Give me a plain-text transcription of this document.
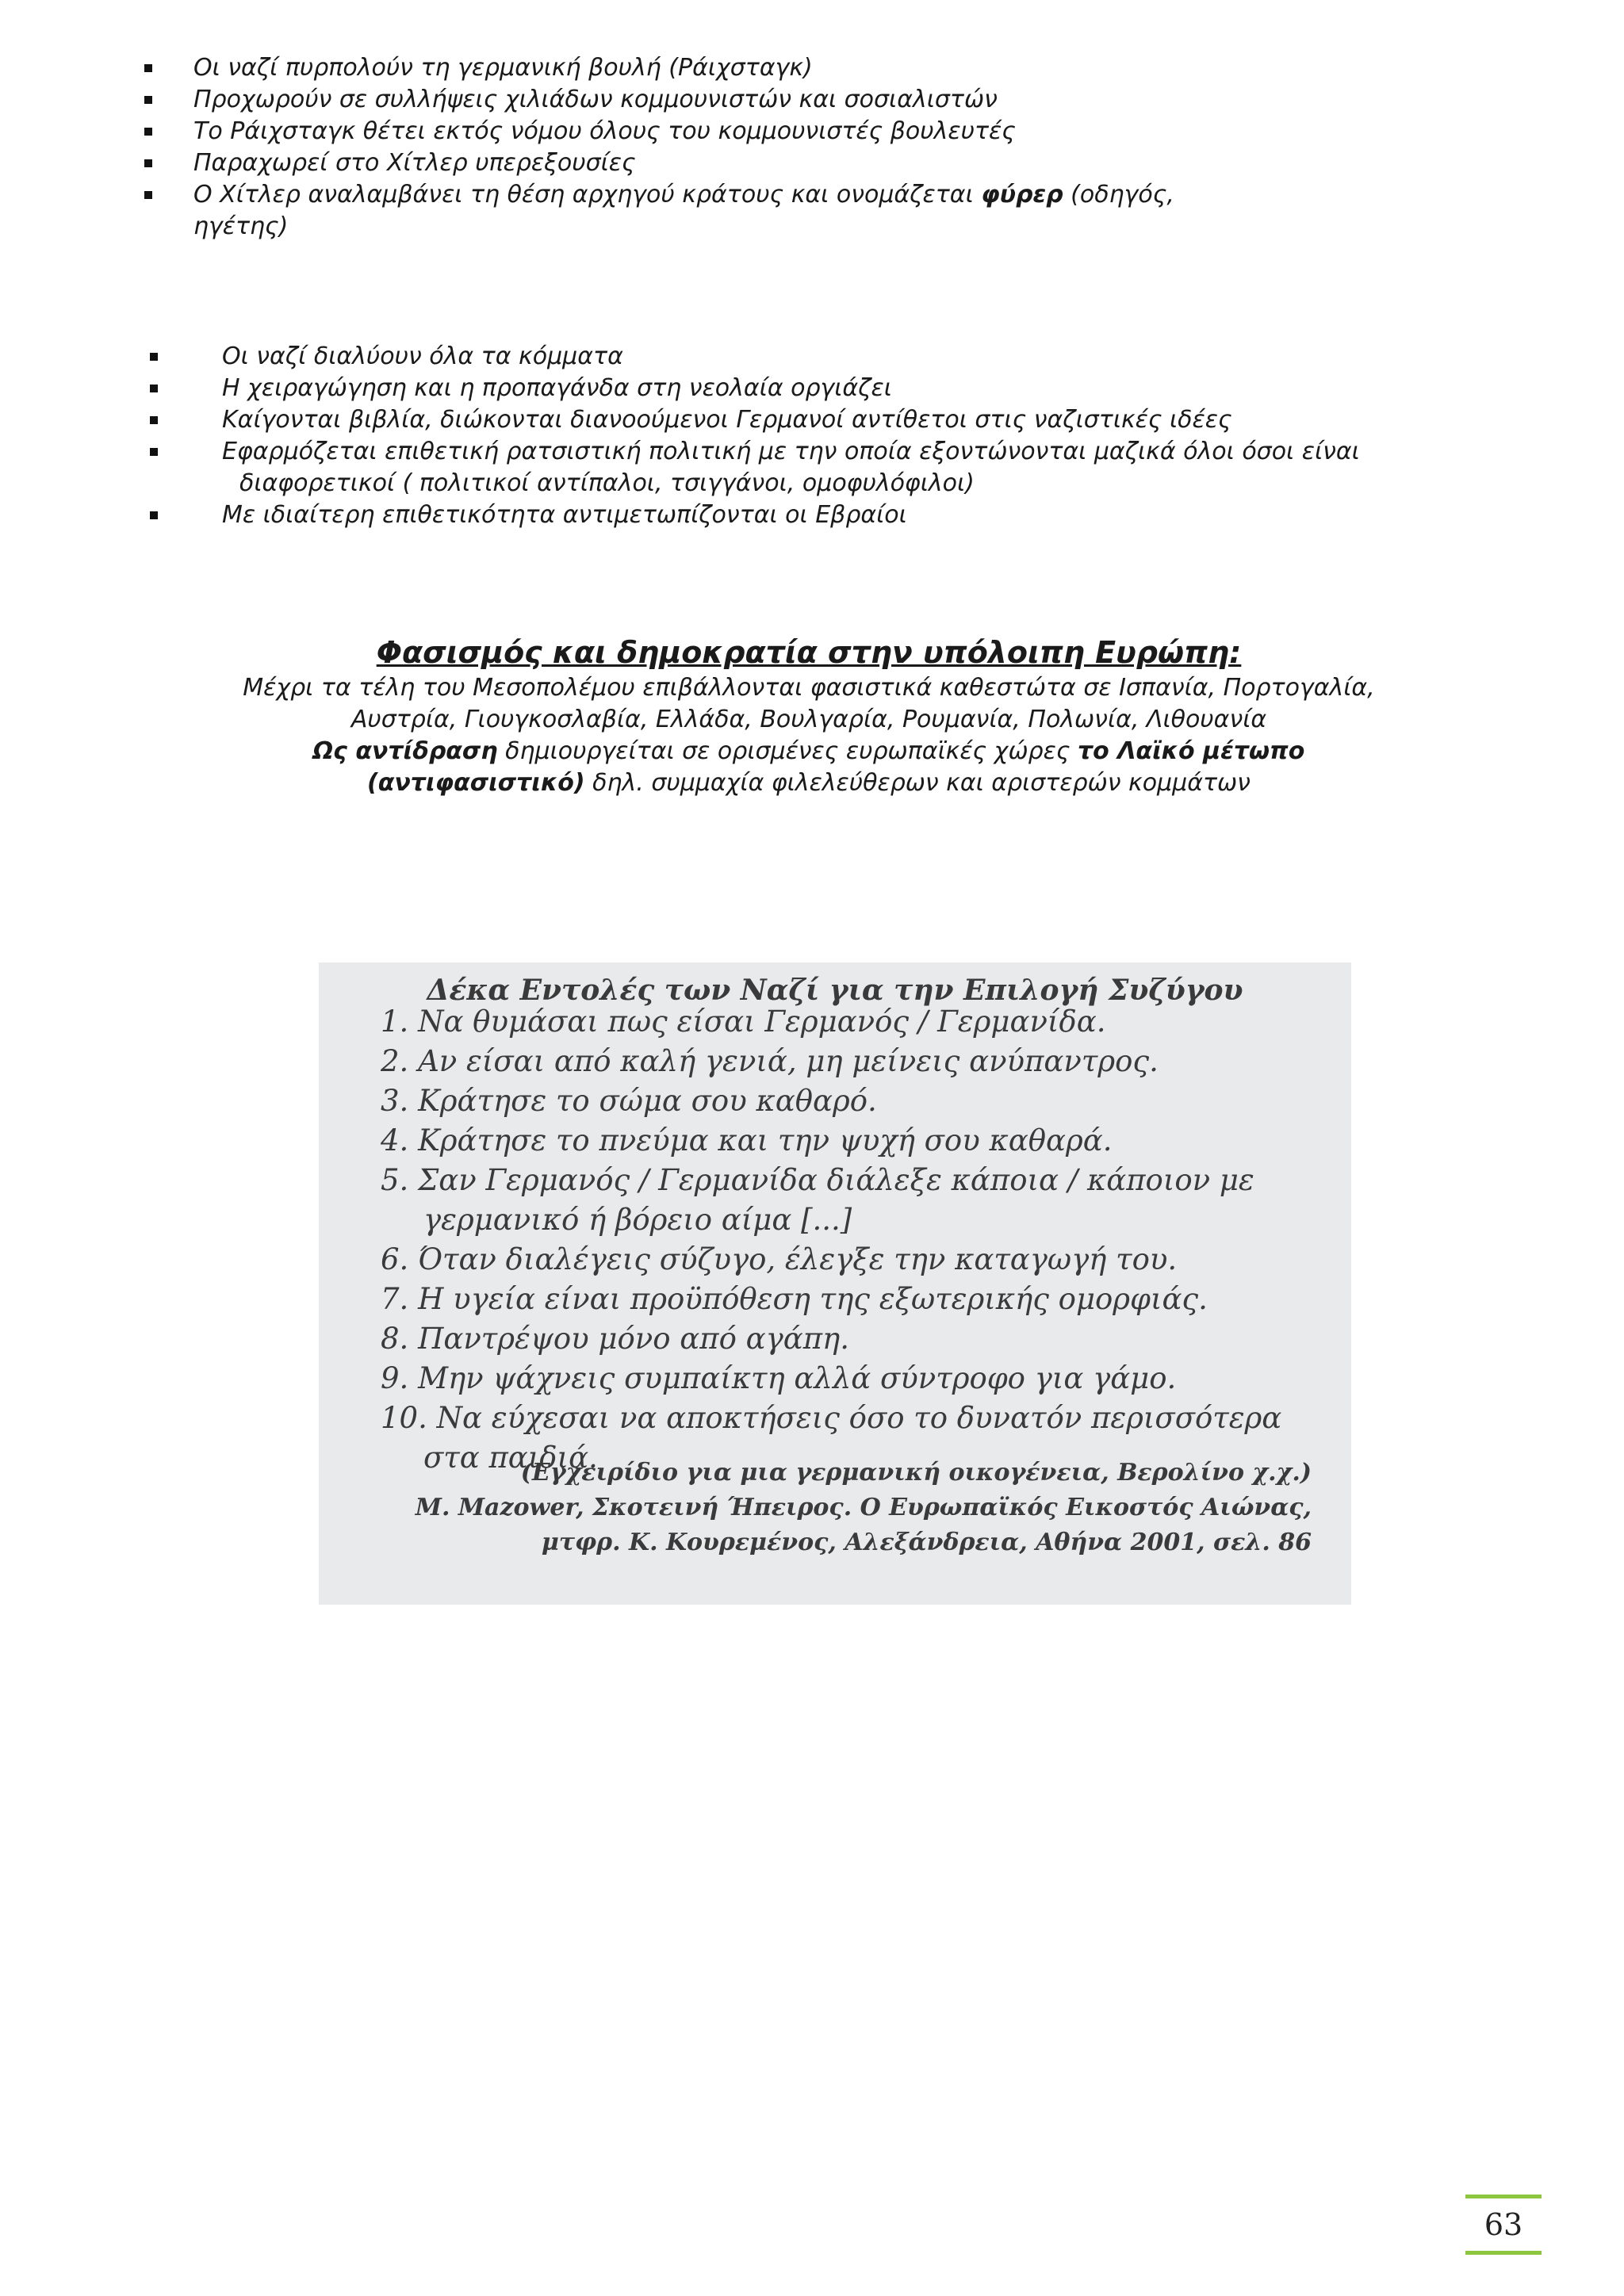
Οι ναζί πυρπολούν τη γερμανική βουλή (Ράιχσταγκ)
Προχωρούν σε συλλήψεις χιλιάδων κομμουνιστών και σοσιαλιστών
Το Ράιχσταγκ θέτει εκτός νόμου όλους του κομμουνιστές βουλευτές
Παραχωρεί στο Χίτλερ υπερεξουσίες
Ο Χίτλερ αναλαμβάνει τη θέση αρχηγού κράτους και ονομάζεται φύρερ (οδηγός,
ηγέτης)
Οι ναζί διαλύουν όλα τα κόμματα
Η χειραγώγηση και η προπαγάνδα στη νεολαία οργιάζει
Καίγονται βιβλία, διώκονται διανοούμενοι Γερμανοί αντίθετοι στις ναζιστικές ιδέες
Εφαρμόζεται επιθετική ρατσιστική πολιτική με την οποία εξοντώνονται μαζικά όλοι όσοι είναι
διαφορετικοί ( πολιτικοί αντίπαλοι, τσιγγάνοι, ομοφυλόφιλοι)
Με ιδιαίτερη επιθετικότητα αντιμετωπίζονται οι Εβραίοι
Φασισμός και δημοκρατία στην υπόλοιπη Ευρώπη:

Μέχρι τα τέλη του Μεσοπολέμου επιβάλλονται φασιστικά καθεστώτα σε Ισπανία, Πορτογαλία,
Αυστρία, Γιουγκοσλαβία, Ελλάδα, Βουλγαρία, Ρουμανία, Πολωνία, Λιθουανία

Ως αντίδραση δημιουργείται σε ορισμένες ευρωπαϊκές χώρες το Λαϊκό μέτωπο
(αντιφασιστικό) δηλ. συμμαχία φιλελεύθερων και αριστερών κομμάτων

Δέκα Εντολές των Ναζί για την Επιλογή Συζύγου
1. Να θυμάσαι πως είσαι Γερμανός / Γερμανίδα.
2. Αν είσαι από καλή γενιά, μη μείνεις ανύπαντρος.
3. Κράτησε το σώμα σου καθαρό.
4. Κράτησε το πνεύμα και την ψυχή σου καθαρά.
5. Σαν Γερμανός / Γερμανίδα διάλεξε κάποια / κάποιον με γερμανικό ή βόρειο αίμα [...]
6. Όταν διαλέγεις σύζυγο, έλεγξε την καταγωγή του.
7. Η υγεία είναι προϋπόθεση της εξωτερικής ομορφιάς.
8. Παντρέψου μόνο από αγάπη.
9. Μην ψάχνεις συμπαίκτη αλλά σύντροφο για γάμο.
10. Να εύχεσαι να αποκτήσεις όσο το δυνατόν περισσότερα στα παιδιά.
(Εγχειρίδιο για μια γερμανική οικογένεια, Βερολίνο χ.χ.)
M. Mazower, Σκοτεινή Ήπειρος. Ο Ευρωπαϊκός Εικοστός Αιώνας,
μτφρ. Κ. Κουρεμένος, Αλεξάνδρεια, Αθήνα 2001, σελ. 86
63
